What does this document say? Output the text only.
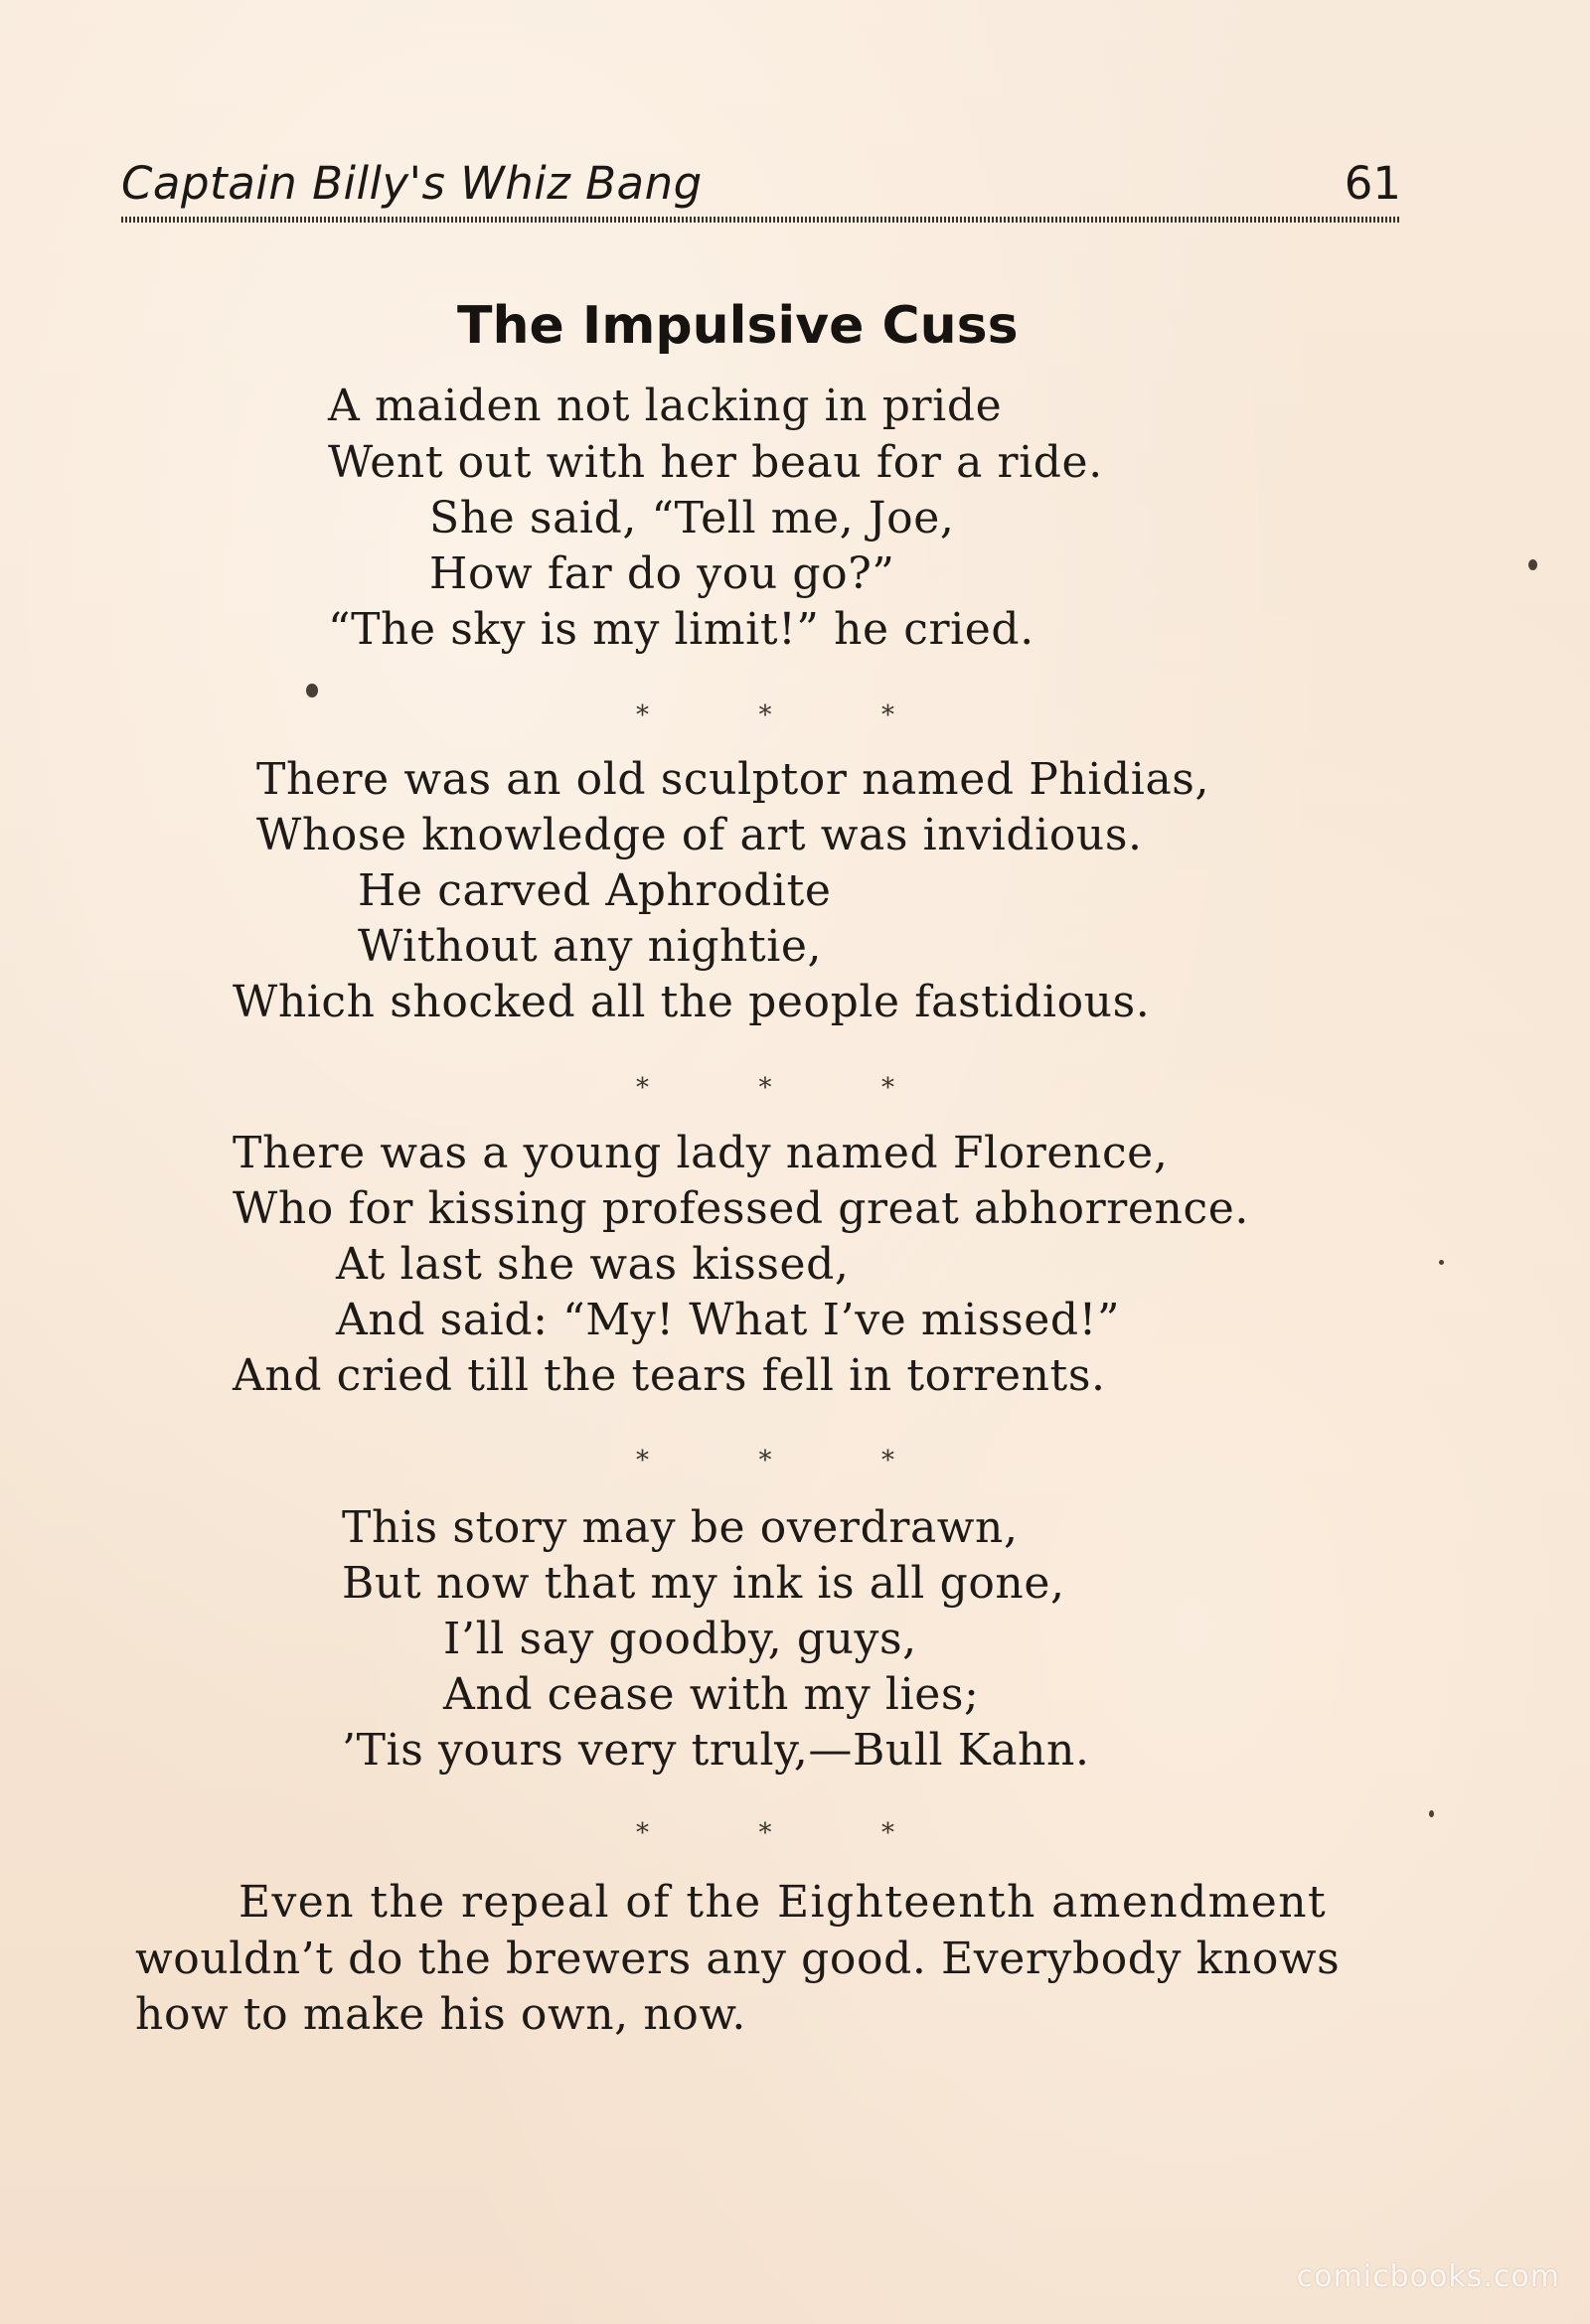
Captain Billy's Whiz Bang	61
The Impulsive Cuss
A maiden not lacking in pride
Went out with her beau for a ride.
She said, “Tell me, Joe,
How far do you go?”
“The sky is my limit!” he cried.
*	*	*
There was an old sculptor named Phidias,
Whose knowledge of art was invidious.
He carved Aphrodite
Without any nightie,
Which shocked all the people fastidious.
*	*	*
There was a young lady named Florence,
Who for kissing professed great abhorrence.
At last she was kissed,
And said: “My! What I’ve missed!”
And cried till the tears fell in torrents.
*	*	*
This story may be overdrawn,
But now that my ink is all gone,
I’ll say goodby, guys,
And cease with my lies;
’Tis yours very truly,—Bull Kahn.
*	*	*
Even the repeal of the Eighteenth amendment
wouldn’t do the brewers any good. Everybody knows
how to make his own, now.
comicbooks.com
